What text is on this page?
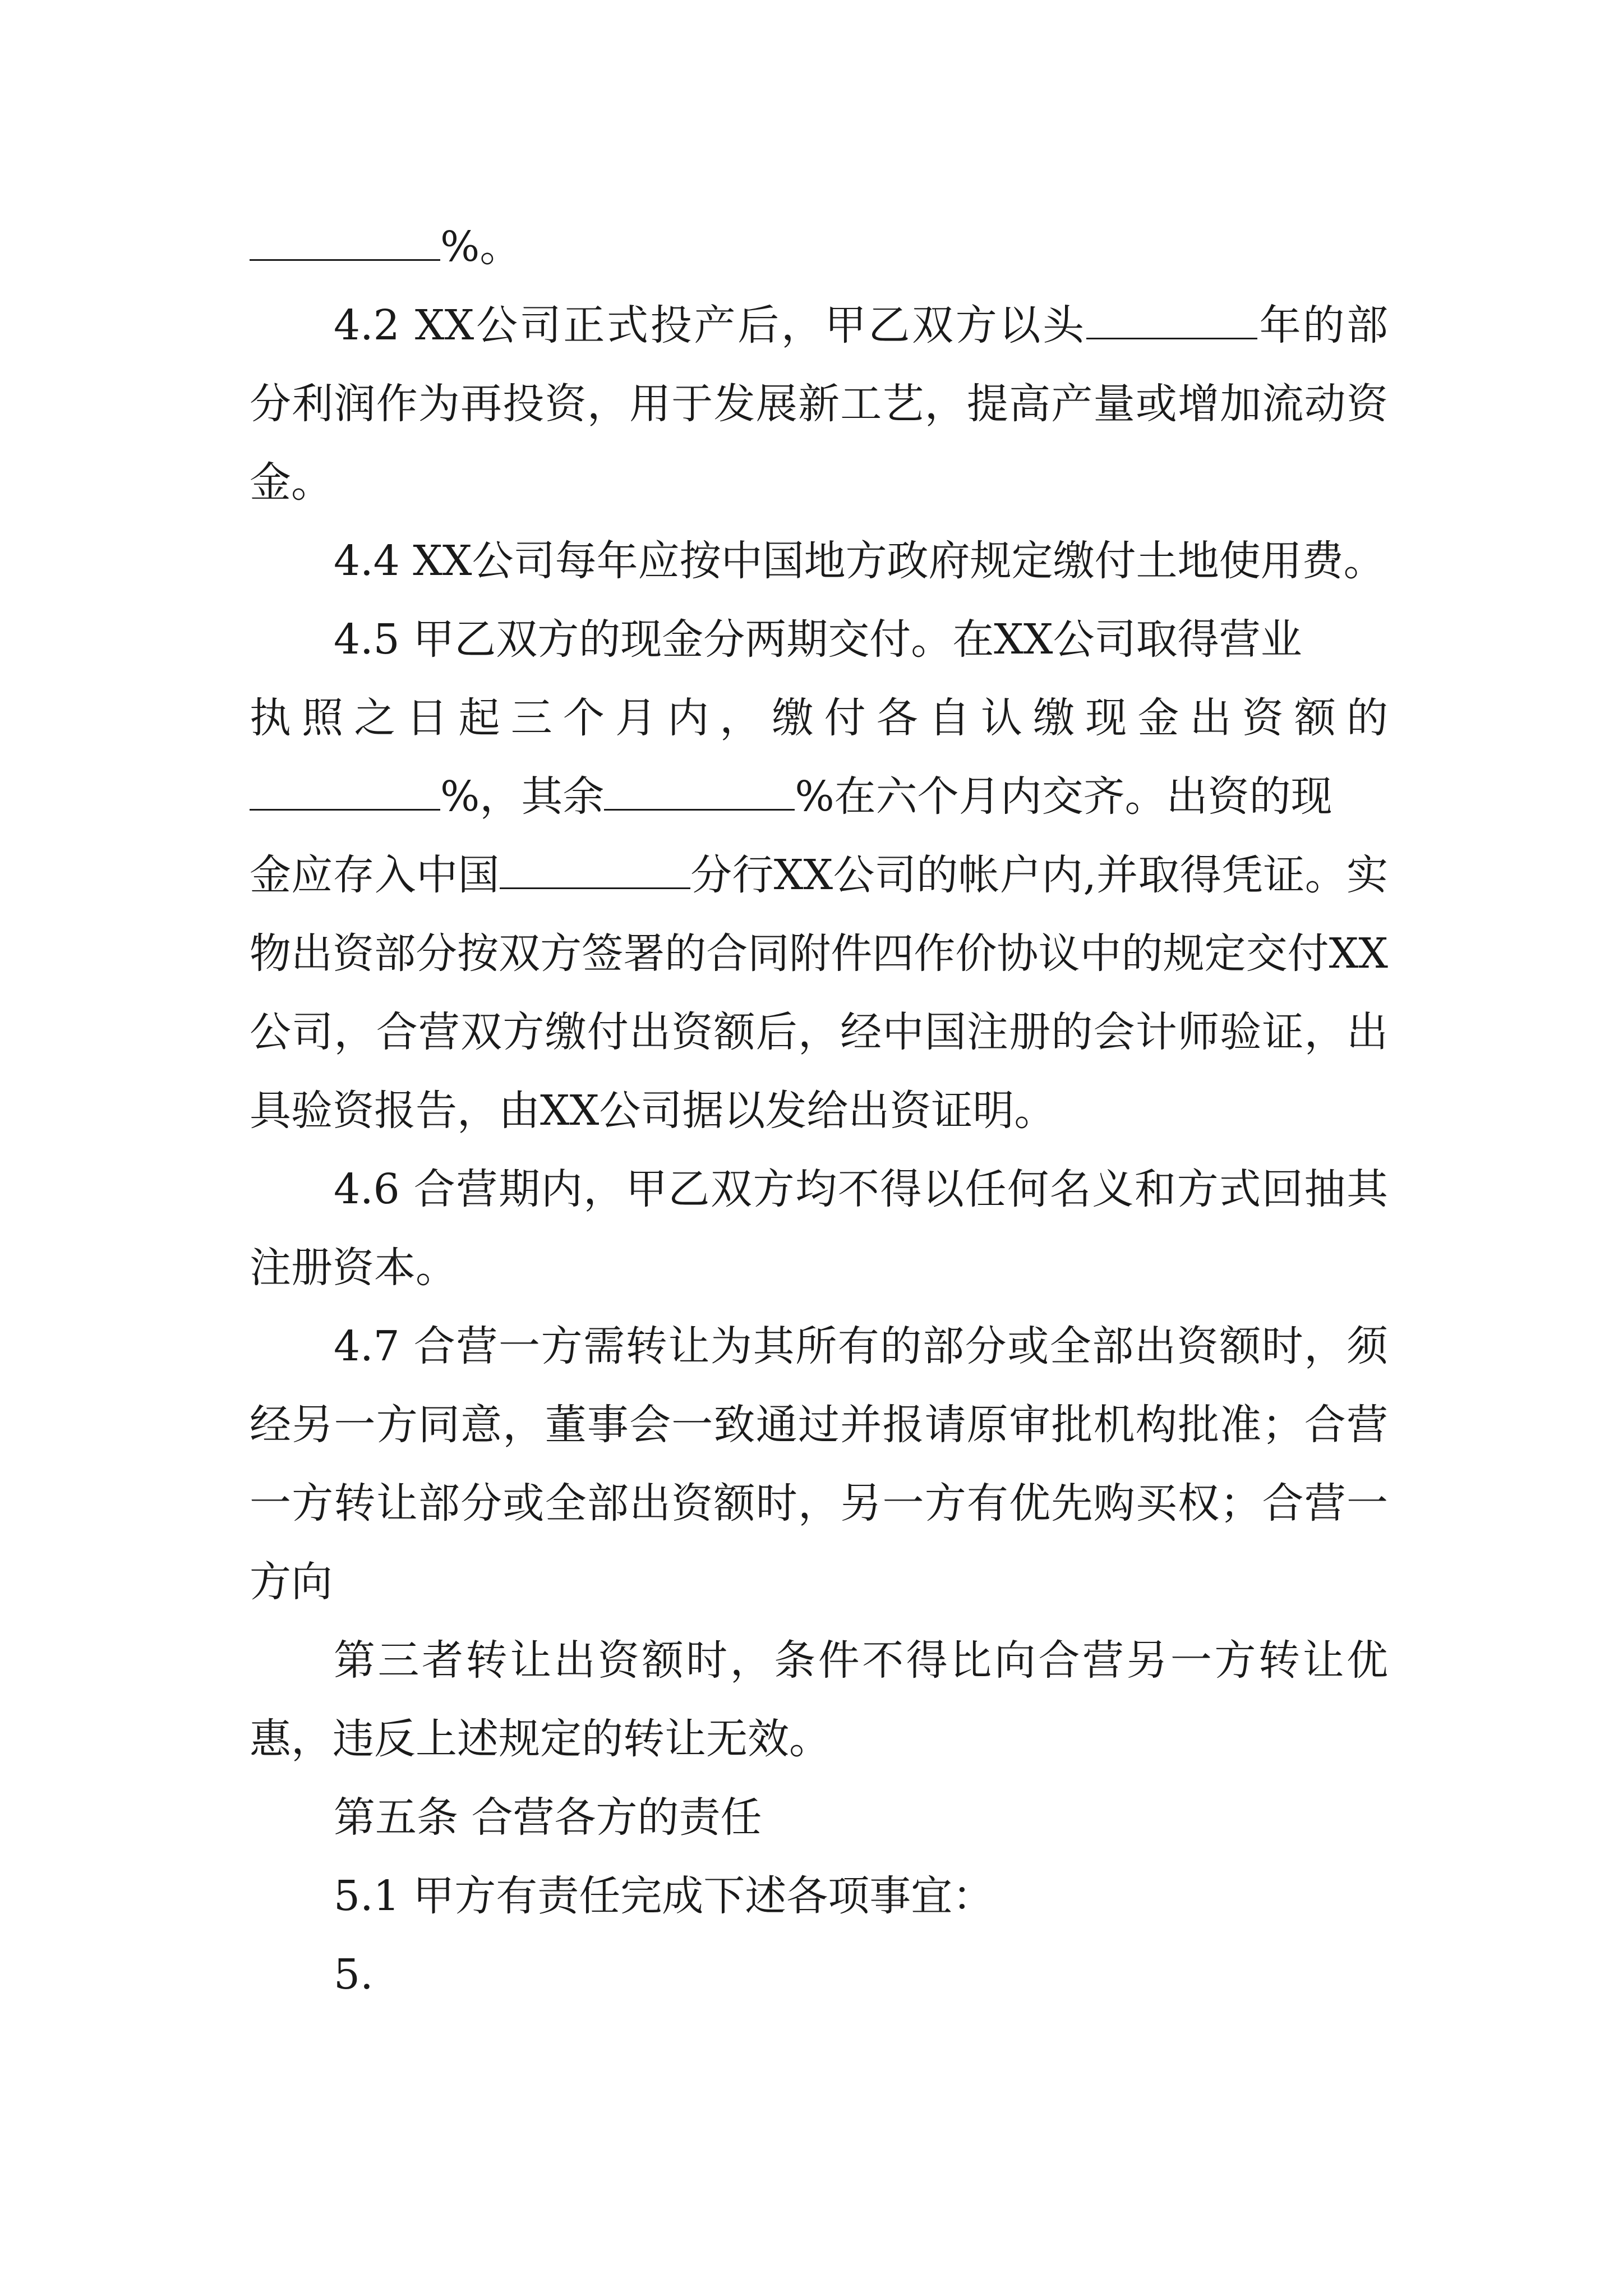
%。

4.2 XX公司正式投产后，甲乙双方以头	年的部分利润作为再投资，用于发展新工艺，提高产量或增加流动资金。

4.4 XX公司每年应按中国地方政府规定缴付土地使用费。

4.5 甲乙双方的现金分两期交付。在XX公司取得营业

执照之日起三个月内，缴付各自认缴现金出资额的

%，其余	%在六个月内交齐。出资的现

金应存入中国	分行XX公司的帐户内,并取得凭证。实物出资部分按双方签署的合同附件四作价协议中的规定交付XX公司，合营双方缴付出资额后，经中国注册的会计师验证，出具验资报告，由XX公司据以发给出资证明。

4.6 合营期内，甲乙双方均不得以任何名义和方式回抽其注册资本。

4.7 合营一方需转让为其所有的部分或全部出资额时，须经另一方同意，董事会一致通过并报请原审批机构批准；合营一方转让部分或全部出资额时，另一方有优先购买权；合营一方向

第三者转让出资额时，条件不得比向合营另一方转让优惠，违反上述规定的转让无效。

第五条 合营各方的责任

5.1 甲方有责任完成下述各项事宜：

5.
